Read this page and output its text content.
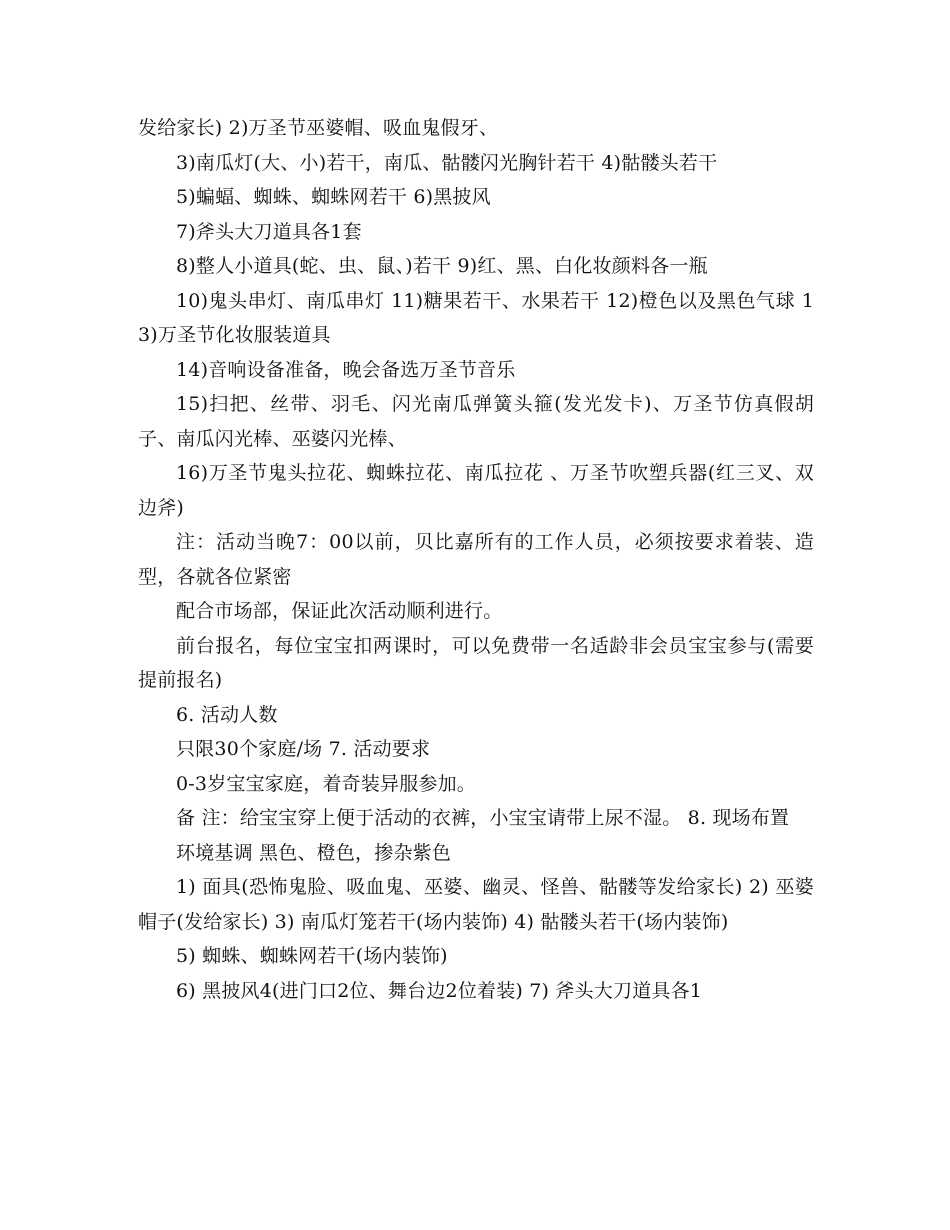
发给家长) 2)万圣节巫婆帽、吸血鬼假牙、

3)南瓜灯(大、小)若干，南瓜、骷髅闪光胸针若干 4)骷髅头若干

5)蝙蝠、蜘蛛、蜘蛛网若干 6)黑披风

7)斧头大刀道具各1套

8)整人小道具(蛇、虫、鼠、)若干 9)红、黑、白化妆颜料各一瓶

10)鬼头串灯、南瓜串灯 11)糖果若干、水果若干 12)橙色以及黑色气球 13)万圣节化妆服装道具

14)音响设备准备，晚会备选万圣节音乐

15)扫把、丝带、羽毛、闪光南瓜弹簧头箍(发光发卡)、万圣节仿真假胡子、南瓜闪光棒、巫婆闪光棒、

16)万圣节鬼头拉花、蜘蛛拉花、南瓜拉花 、万圣节吹塑兵器(红三叉、双边斧)

注：活动当晚7：00以前，贝比嘉所有的工作人员，必须按要求着装、造型，各就各位紧密

配合市场部，保证此次活动顺利进行。

前台报名，每位宝宝扣两课时，可以免费带一名适龄非会员宝宝参与(需要提前报名)

6. 活动人数

只限30个家庭/场 7. 活动要求

0-3岁宝宝家庭，着奇装异服参加。

备 注：给宝宝穿上便于活动的衣裤，小宝宝请带上尿不湿。 8. 现场布置

环境基调 黑色、橙色，掺杂紫色

1) 面具(恐怖鬼脸、吸血鬼、巫婆、幽灵、怪兽、骷髅等发给家长) 2) 巫婆帽子(发给家长) 3) 南瓜灯笼若干(场内装饰) 4) 骷髅头若干(场内装饰)

5) 蜘蛛、蜘蛛网若干(场内装饰)

6) 黑披风4(进门口2位、舞台边2位着装) 7) 斧头大刀道具各1
